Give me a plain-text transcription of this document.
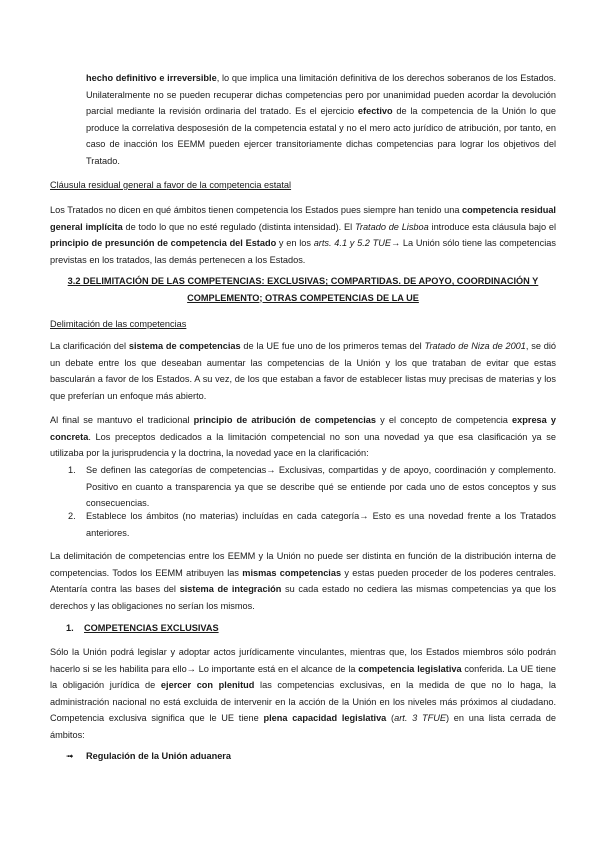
hecho definitivo e irreversible, lo que implica una limitación definitiva de los derechos soberanos de los Estados. Unilateralmente no se pueden recuperar dichas competencias pero por unanimidad pueden acordar la devolución parcial mediante la revisión ordinaria del tratado. Es el ejercicio efectivo de la competencia de la Unión lo que produce la correlativa desposesión de la competencia estatal y no el mero acto jurídico de atribución, por tanto, en caso de inacción los EEMM pueden ejercer transitoriamente dichas competencias para lograr los objetivos del Tratado.

Cláusula residual general a favor de la competencia estatal

Los Tratados no dicen en qué ámbitos tienen competencia los Estados pues siempre han tenido una competencia residual general implícita de todo lo que no esté regulado (distinta intensidad). El Tratado de Lisboa introduce esta cláusula bajo el principio de presunción de competencia del Estado y en los arts. 4.1 y 5.2 TUE→ La Unión sólo tiene las competencias previstas en los tratados, las demás pertenecen a los Estados.

3.2 DELIMITACIÓN DE LAS COMPETENCIAS: EXCLUSIVAS; COMPARTIDAS. DE APOYO, COORDINACIÓN Y
COMPLEMENTO; OTRAS COMPETENCIAS DE LA UE

Delimitación de las competencias

La clarificación del sistema de competencias de la UE fue uno de los primeros temas del Tratado de Niza de 2001, se dió un debate entre los que deseaban aumentar las competencias de la Unión y los que trataban de evitar que estas bascularán a favor de los Estados. A su vez, de los que estaban a favor de establecer listas muy precisas de materias y los que preferían un enfoque más abierto.

Al final se mantuvo el tradicional principio de atribución de competencias y el concepto de competencia expresa y concreta. Los preceptos dedicados a la limitación competencial no son una novedad ya que esa clasificación ya se utilizaba por la jurisprudencia y la doctrina, la novedad yace en la clarificación:

1. Se definen las categorías de competencias→ Exclusivas, compartidas y de apoyo, coordinación y complemento. Positivo en cuanto a transparencia ya que se describe qué se entiende por cada uno de estos conceptos y sus consecuencias.

2. Establece los ámbitos (no materias) incluídas en cada categoría→ Esto es una novedad frente a los Tratados anteriores.

La delimitación de competencias entre los EEMM y la Unión no puede ser distinta en función de la distribución interna de competencias. Todos los EEMM atribuyen las mismas competencias y estas pueden proceder de los poderes centrales. Atentaría contra las bases del sistema de integración su cada estado no cediera las mismas competencias ya que los derechos y las obligaciones no serían los mismos.

1. COMPETENCIAS EXCLUSIVAS

Sólo la Unión podrá legislar y adoptar actos jurídicamente vinculantes, mientras que, los Estados miembros sólo podrán hacerlo si se les habilita para ello→ Lo importante está en el alcance de la competencia legislativa conferida. La UE tiene la obligación jurídica de ejercer con plenitud las competencias exclusivas, en la medida de que no lo haga, la administración nacional no está excluida de intervenir en la acción de la Unión en los niveles más próximos al ciudadano. Competencia exclusiva significa que le UE tiene plena capacidad legislativa (art. 3 TFUE) en una lista cerrada de ámbitos:

➟ Regulación de la Unión aduanera
